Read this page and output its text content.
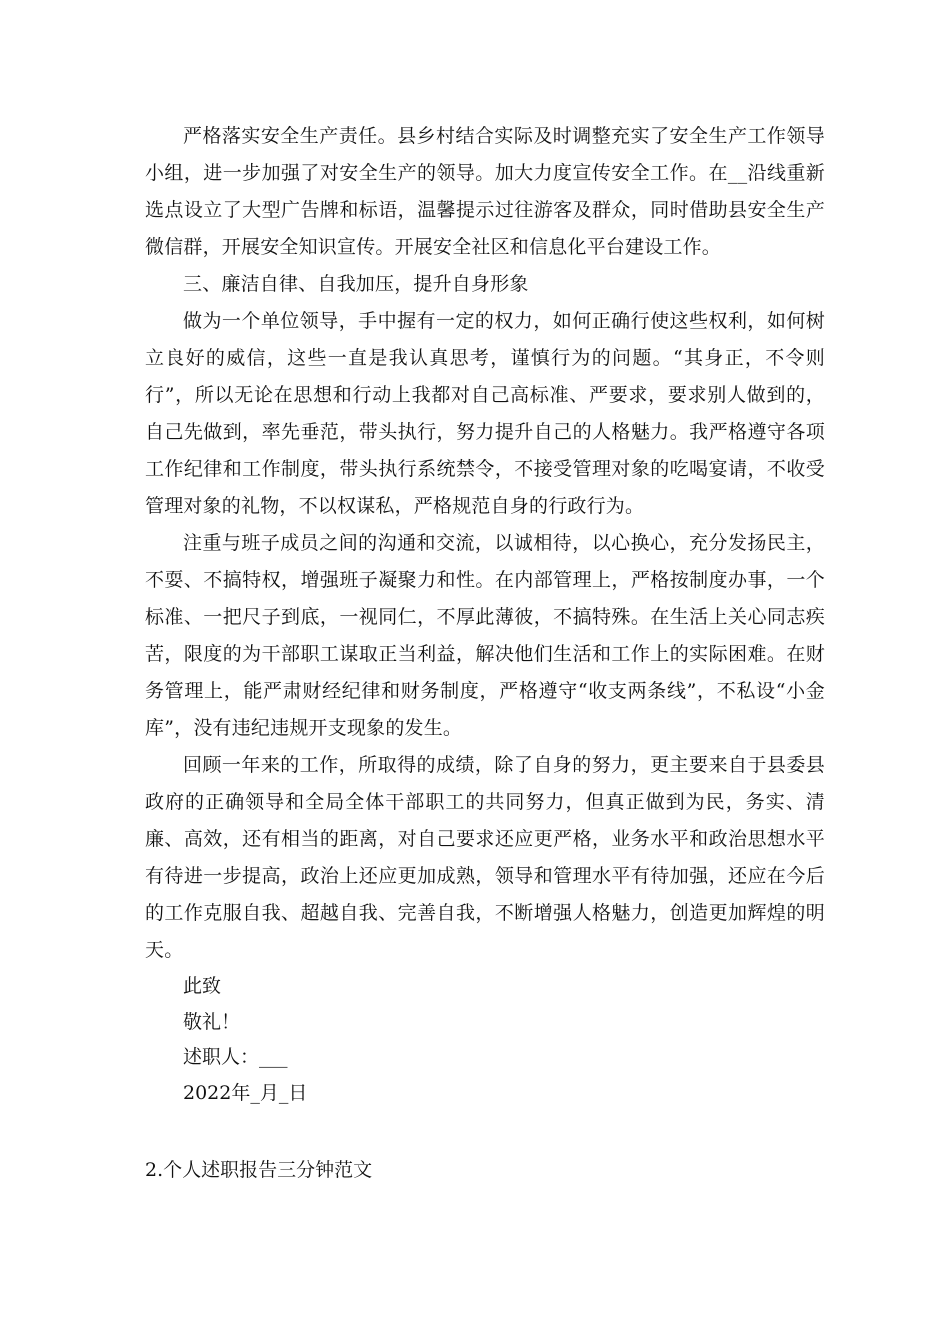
严格落实安全生产责任。县乡村结合实际及时调整充实了安全生产工作领导小组，进一步加强了对安全生产的领导。加大力度宣传安全工作。在__沿线重新选点设立了大型广告牌和标语，温馨提示过往游客及群众，同时借助县安全生产微信群，开展安全知识宣传。开展安全社区和信息化平台建设工作。

三、廉洁自律、自我加压，提升自身形象

做为一个单位领导，手中握有一定的权力，如何正确行使这些权利，如何树立良好的威信，这些一直是我认真思考，谨慎行为的问题。“其身正，不令则行”，所以无论在思想和行动上我都对自己高标准、严要求，要求别人做到的，自己先做到，率先垂范，带头执行，努力提升自己的人格魅力。我严格遵守各项工作纪律和工作制度，带头执行系统禁令，不接受管理对象的吃喝宴请，不收受管理对象的礼物，不以权谋私，严格规范自身的行政行为。

注重与班子成员之间的沟通和交流，以诚相待，以心换心，充分发扬民主，不耍、不搞特权，增强班子凝聚力和性。在内部管理上，严格按制度办事，一个标准、一把尺子到底，一视同仁，不厚此薄彼，不搞特殊。在生活上关心同志疾苦，限度的为干部职工谋取正当利益，解决他们生活和工作上的实际困难。在财务管理上，能严肃财经纪律和财务制度，严格遵守“收支两条线”，不私设“小金库”，没有违纪违规开支现象的发生。

回顾一年来的工作，所取得的成绩，除了自身的努力，更主要来自于县委县政府的正确领导和全局全体干部职工的共同努力，但真正做到为民，务实、清廉、高效，还有相当的距离，对自己要求还应更严格，业务水平和政治思想水平有待进一步提高，政治上还应更加成熟，领导和管理水平有待加强，还应在今后的工作克服自我、超越自我、完善自我，不断增强人格魅力，创造更加辉煌的明天。

此致

敬礼！

述职人：___

2022年_月_日

2.个人述职报告三分钟范文
